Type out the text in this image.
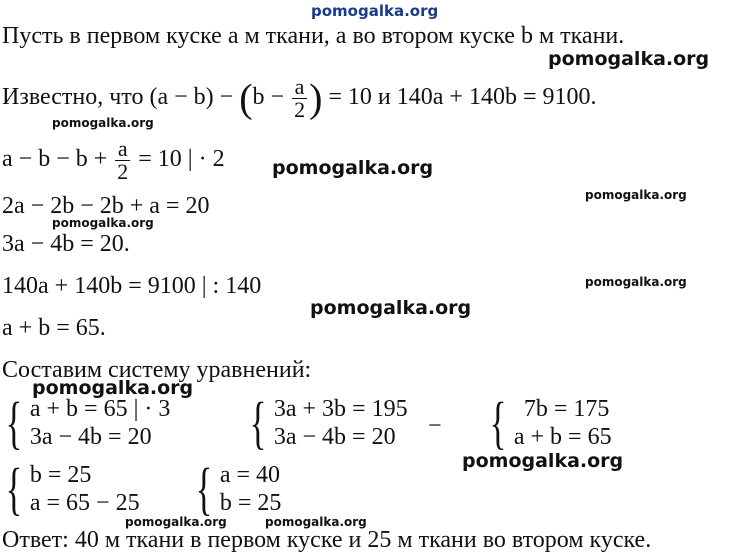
pomogalka.org
Пусть в первом куске a м ткани, а во втором куске b м ткани.
pomogalka.org
Известно, что $(a - b) - (b - \frac{a}{2}$ ) = 10 и 140a + 140b = 9100.
pomogalka.org
$a - b - b + \frac{a}{2} = 10$ | · 2 pomogalka.org
2a − 2b − 2b + a = 20	pomogalka.org
pomogalka.org
3a − 4b = 20.
140a + 140b = 9100 | : 140	pomogalka.org
pomogalka.org
a + b = 65.
Составим систему уравнений:
pomogalka.org
{ a + b = 65 | · 3
3a − 4b = 20	{ 3a + 3b = 195
3a − 4b = 20	− { 7b = 175
a + b = 65
pomogalka.org
{ b = 25
a = 65 − 25 { a = 40
b = 25
pomogalka.org	pomogalka.org
Ответ: 40 м ткани в первом куске и 25 м ткани во втором куске.
